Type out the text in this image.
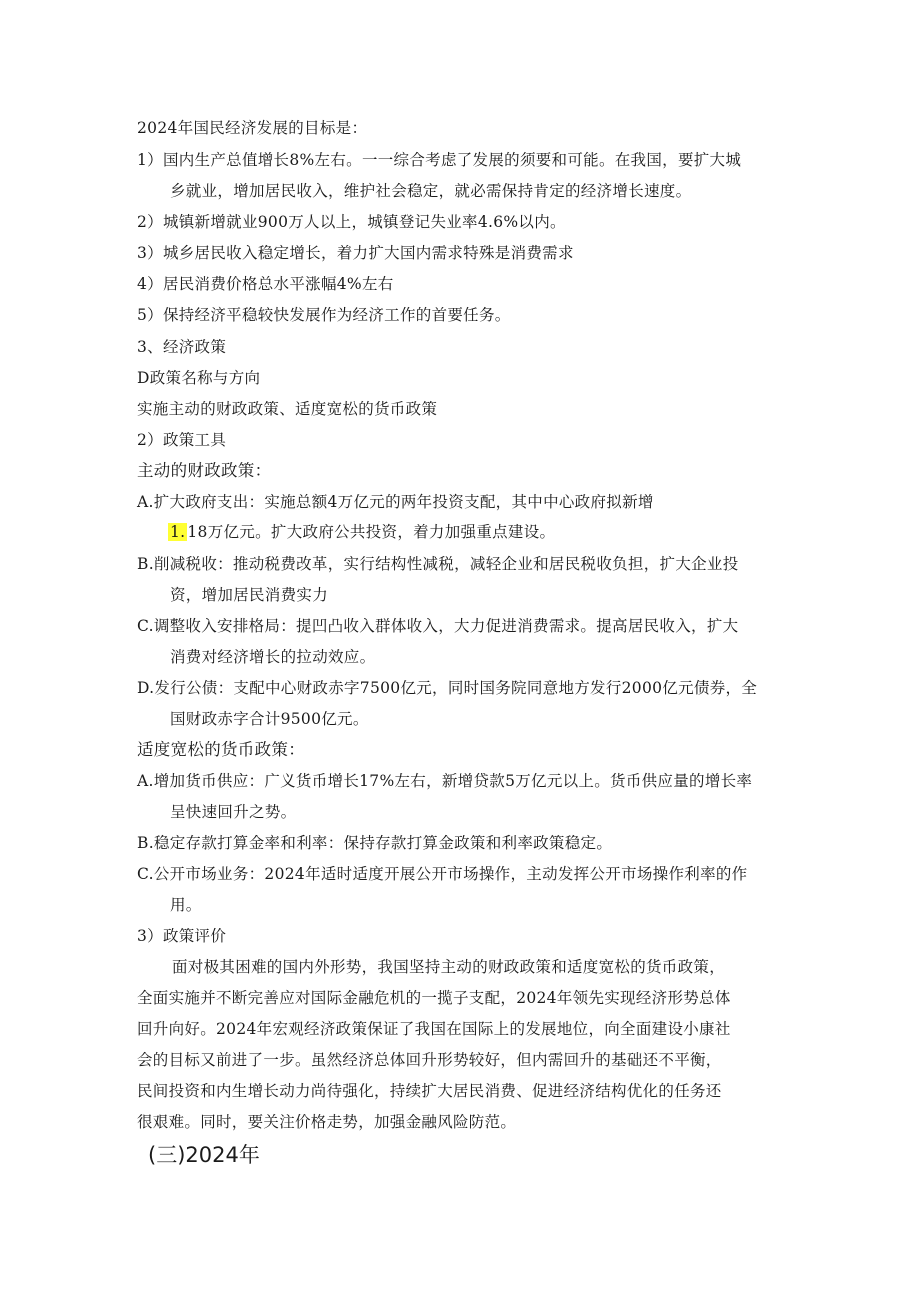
2024年国民经济发展的目标是：
1）国内生产总值增长8%左右。一一综合考虑了发展的须要和可能。在我国，要扩大城
乡就业，增加居民收入，维护社会稳定，就必需保持肯定的经济增长速度。
2）城镇新增就业900万人以上，城镇登记失业率4.6%以内。
3）城乡居民收入稳定增长，着力扩大国内需求特殊是消费需求
4）居民消费价格总水平涨幅4%左右
5）保持经济平稳较快发展作为经济工作的首要任务。
3、经济政策
D政策名称与方向
实施主动的财政政策、适度宽松的货币政策
2）政策工具
主动的财政政策：
A.扩大政府支出：实施总额4万亿元的两年投资支配，其中中心政府拟新增
1. 18万亿元。扩大政府公共投资，着力加强重点建设。
B.削减税收：推动税费改革，实行结构性减税，减轻企业和居民税收负担，扩大企业投
资，增加居民消费实力
C.调整收入安排格局：提凹凸收入群体收入，大力促进消费需求。提高居民收入，扩大
消费对经济增长的拉动效应。
D.发行公债：支配中心财政赤字7500亿元，同时国务院同意地方发行2000亿元债券，全
国财政赤字合计9500亿元。
适度宽松的货币政策：
A.增加货币供应：广义货币增长17%左右，新增贷款5万亿元以上。货币供应量的增长率
呈快速回升之势。
B.稳定存款打算金率和利率：保持存款打算金政策和利率政策稳定。
C.公开市场业务：2024年适时适度开展公开市场操作，主动发挥公开市场操作利率的作
用。
3）政策评价
面对极其困难的国内外形势，我国坚持主动的财政政策和适度宽松的货币政策，
全面实施并不断完善应对国际金融危机的一揽子支配，2024年领先实现经济形势总体
回升向好。2024年宏观经济政策保证了我国在国际上的发展地位，向全面建设小康社
会的目标又前进了一步。虽然经济总体回升形势较好，但内需回升的基础还不平衡，
民间投资和内生增长动力尚待强化，持续扩大居民消费、促进经济结构优化的任务还
很艰难。同时，要关注价格走势，加强金融风险防范。
(三)2024年
